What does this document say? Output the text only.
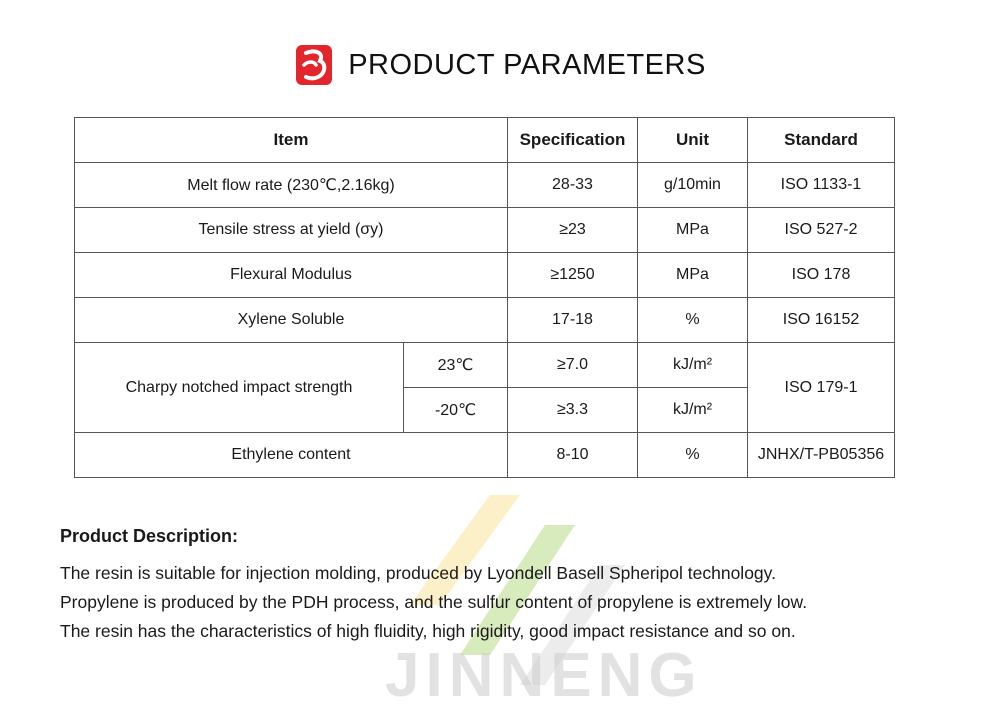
JINNENG
PRODUCT PARAMETERS
Item		Specification	Unit	Standard
Melt flow rate (230℃,2.16kg)		28-33	g/10min	ISO 1133-1
Tensile stress at yield (σy)		≥23	MPa	ISO 527-2
Flexural Modulus		≥1250	MPa	ISO 178
Xylene Soluble		17-18	%	ISO 16152
Charpy notched impact strength	23℃	≥7.0	kJ/m²	ISO 179-1
	-20℃	≥3.3	kJ/m²	
Ethylene content		8-10	%	JNHX/T-PB05356
Product Description:
The resin is suitable for injection molding, produced by Lyondell Basell Spheripol technology.
Propylene is produced by the PDH process, and the sulfur content of propylene is extremely low.
The resin has the characteristics of high fluidity, high rigidity, good impact resistance and so on.
